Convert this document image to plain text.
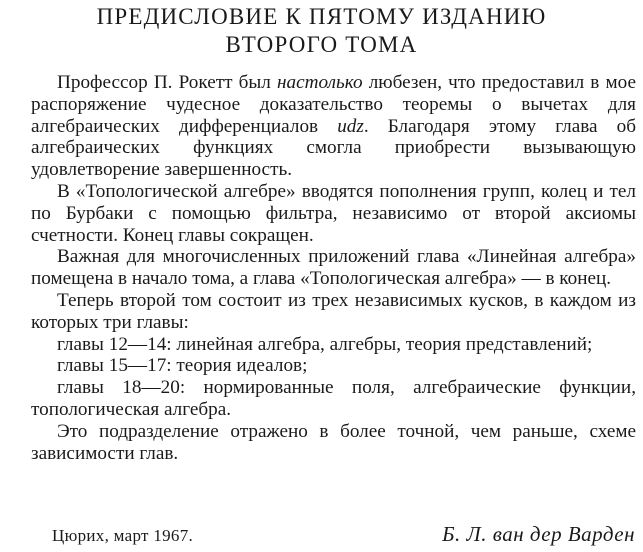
ПРЕДИСЛОВИЕ К ПЯТОМУ ИЗДАНИЮ
ВТОРОГО ТОМА

Профессор П. Рокетт был настолько любезен, что предоставил в мое распоряжение чудесное доказательство теоремы о вычетах для алгебраических дифференциалов udz. Благодаря этому глава об алгебраических функциях смогла приобрести вызывающую удовлетворение завершенность.

В «Топологической алгебре» вводятся пополнения групп, колец и тел по Бурбаки с помощью фильтра, независимо от второй аксиомы счетности. Конец главы сокращен.

Важная для многочисленных приложений глава «Линейная алгебра» помещена в начало тома, а глава «Топологическая алгебра» — в конец.

Теперь второй том состоит из трех независимых кусков, в каждом из которых три главы:

главы 12—14: линейная алгебра, алгебры, теория представлений;

главы 15—17: теория идеалов;

главы 18—20: нормированные поля, алгебраические функции, топологическая алгебра.

Это подразделение отражено в более точной, чем раньше, схеме зависимости глав.

Цюрих, март 1967.	Б. Л. ван дер Варден
